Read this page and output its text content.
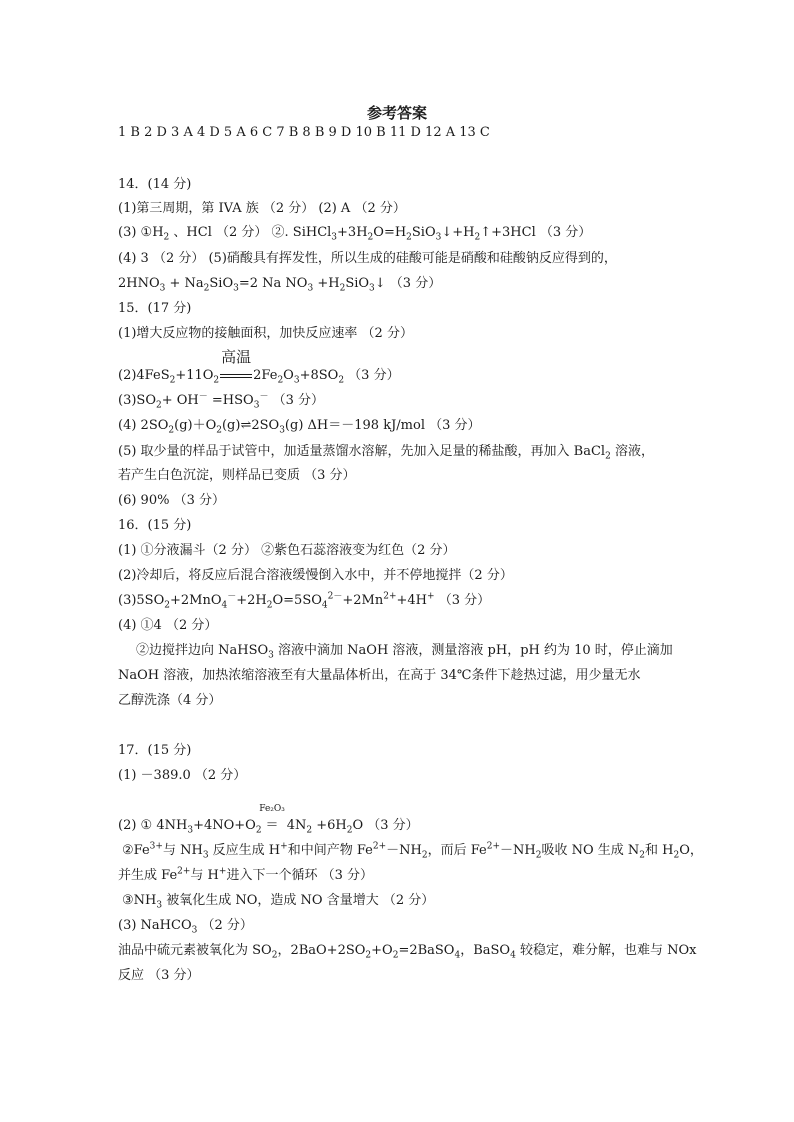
参考答案
1 B 2 D 3 A 4 D 5 A 6 C 7 B 8 B 9 D 10 B 11 D 12 A 13 C
14．(14 分)
(1)第三周期，第 IVA 族 （2 分） (2) A （2 分）
(3) $①H_2$ 、HCl （2 分） ②. $SiHCl_3+3H_2O=H_2SiO_3↓+H_2↑+3HCl$ （3 分）
(4) 3 （2 分） (5)硝酸具有挥发性，所以生成的硅酸可能是硝酸和硅酸钠反应得到的，
$2HNO_3 + Na_2SiO_3=2$ Na $NO_3$ $+H_2SiO_3↓$ （3 分）
15．(17 分)
(1)增大反应物的接触面积，加快反应速率 （2 分）
$(2)4FeS_2+11O_2$
高温
$2Fe_2O_3+8SO_2$ （3 分）
$(3)SO_2+ OH^- =HSO_3^-$ （3 分）
(4) $2SO_2(g)+O_2(g)\rightleftharpoons 2SO_3(g)$ ΔH＝－198 kJ/mol （3 分）
(5) 取少量的样品于试管中，加适量蒸馏水溶解，先加入足量的稀盐酸，再加入 BaCl$_2$ 溶液，
若产生白色沉淀，则样品已变质 （3 分）
(6) 90% （3 分）
16．(15 分)
(1) ①分液漏斗（2 分） ②紫色石蕊溶液变为红色（2 分）
(2)冷却后，将反应后混合溶液缓慢倒入水中，并不停地搅拌（2 分）
$(3)5SO_2+2MnO_4^-+2H_2O=5SO_4^{2-}+2Mn^{2+}+4H^+$ （3 分）
(4) ①4 （2 分）
②边搅拌边向 NaHSO$_3$ 溶液中滴加 NaOH 溶液，测量溶液 pH，pH 约为 10 时，停止滴加
NaOH 溶液，加热浓缩溶液至有大量晶体析出，在高于 34℃条件下趁热过滤，用少量无水
乙醇洗涤（4 分）
17．(15 分)
(1) －389.0 （2 分）
(2) ① $4NH_3+4NO+O_2$
Fe₂O₃
＝ $4N_2 +6H_2O$ （3 分）
$②Fe^{3+}$与 $NH_3$ 反应生成 H+和中间产物 $Fe^{2+}-NH_2$，而后 $Fe^{2+}-NH_2$吸收 NO 生成 $N_2$和 $H_2O$，
并生成 $Fe^{2+}$与 H+进入下一个循环 （3 分）
$③NH_3$ 被氧化生成 NO，造成 NO 含量增大 （2 分）
(3) NaHCO$_3$ （2 分）
油品中硫元素被氧化为 $SO_2$，$2BaO+2SO_2+O_2=2BaSO_4$，BaSO$_4$ 较稳定，难分解，也难与 NOx
反应 （3 分）
